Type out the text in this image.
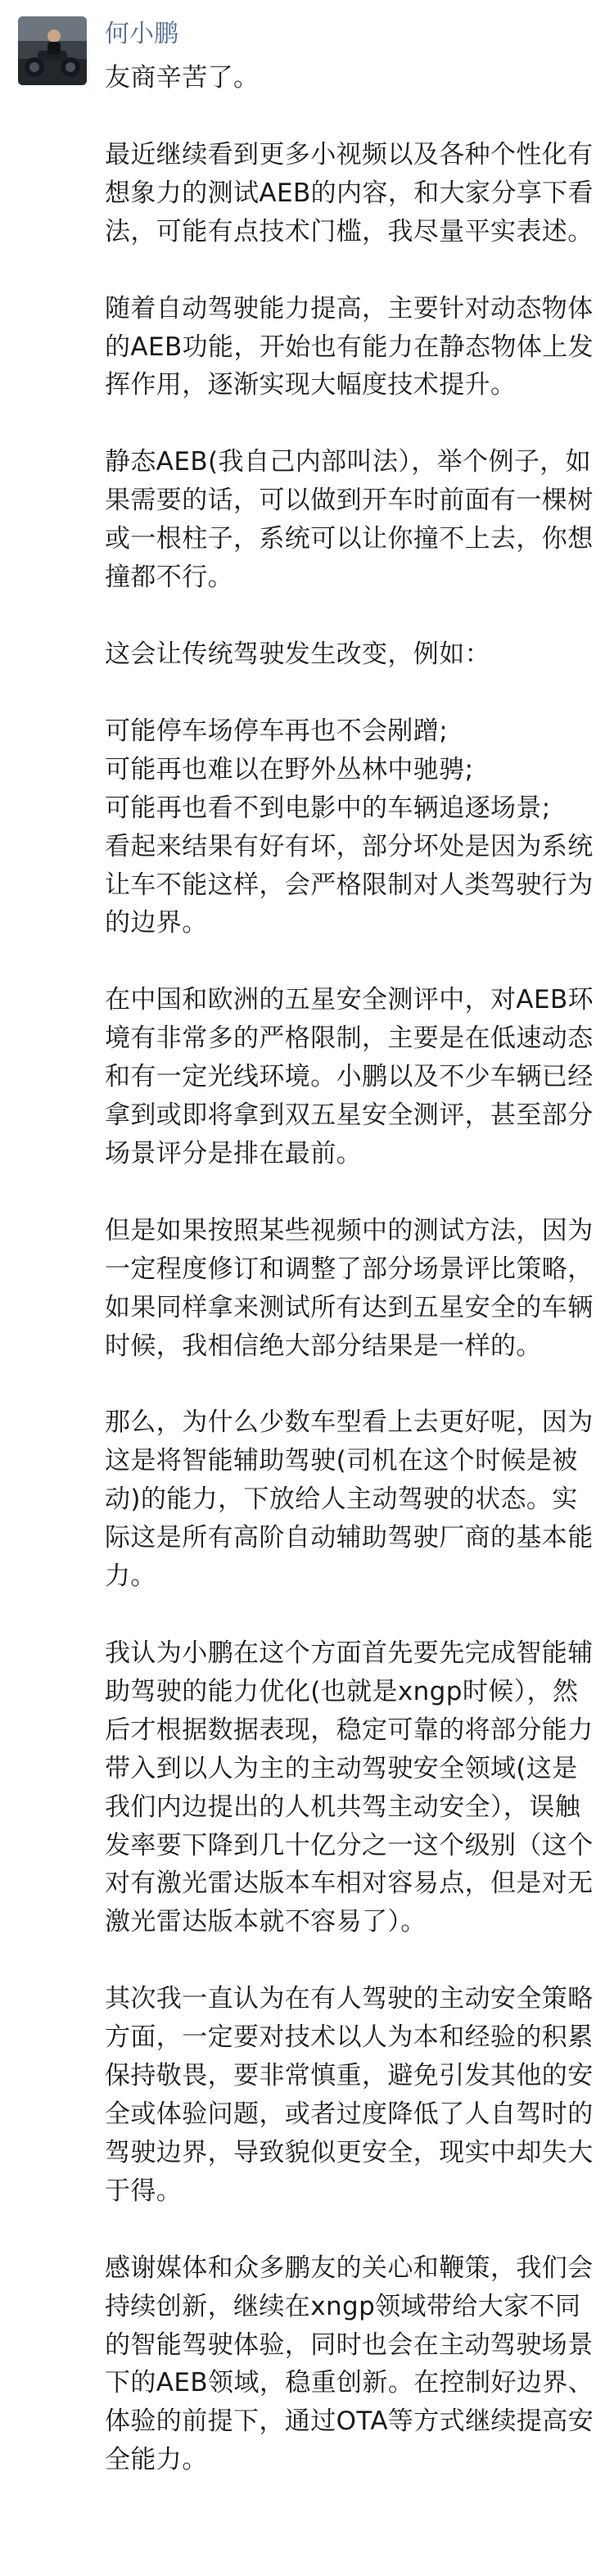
何小鹏

友商辛苦了。

最近继续看到更多小视频以及各种个性化有想象力的测试AEB的内容，和大家分享下看法，可能有点技术门槛，我尽量平实表述。

随着自动驾驶能力提高，主要针对动态物体的AEB功能，开始也有能力在静态物体上发挥作用，逐渐实现大幅度技术提升。

静态AEB(我自己内部叫法），举个例子，如果需要的话，可以做到开车时前面有一棵树或一根柱子，系统可以让你撞不上去，你想撞都不行。

这会让传统驾驶发生改变，例如：

可能停车场停车再也不会剐蹭;
可能再也难以在野外丛林中驰骋;
可能再也看不到电影中的车辆追逐场景;
看起来结果有好有坏，部分坏处是因为系统让车不能这样，会严格限制对人类驾驶行为的边界。

在中国和欧洲的五星安全测评中，对AEB环境有非常多的严格限制，主要是在低速动态和有一定光线环境。小鹏以及不少车辆已经拿到或即将拿到双五星安全测评，甚至部分场景评分是排在最前。

但是如果按照某些视频中的测试方法，因为一定程度修订和调整了部分场景评比策略，如果同样拿来测试所有达到五星安全的车辆时候，我相信绝大部分结果是一样的。

那么，为什么少数车型看上去更好呢，因为这是将智能辅助驾驶(司机在这个时候是被动)的能力，下放给人主动驾驶的状态。实际这是所有高阶自动辅助驾驶厂商的基本能力。

我认为小鹏在这个方面首先要先完成智能辅助驾驶的能力优化(也就是xngp时候），然后才根据数据表现，稳定可靠的将部分能力带入到以人为主的主动驾驶安全领域(这是我们内边提出的人机共驾主动安全），误触发率要下降到几十亿分之一这个级别（这个对有激光雷达版本车相对容易点，但是对无激光雷达版本就不容易了）。

其次我一直认为在有人驾驶的主动安全策略方面，一定要对技术以人为本和经验的积累保持敬畏，要非常慎重，避免引发其他的安全或体验问题，或者过度降低了人自驾时的驾驶边界，导致貌似更安全，现实中却失大于得。

感谢媒体和众多鹏友的关心和鞭策，我们会持续创新，继续在xngp领域带给大家不同的智能驾驶体验，同时也会在主动驾驶场景下的AEB领域，稳重创新。在控制好边界、体验的前提下，通过OTA等方式继续提高安全能力。
